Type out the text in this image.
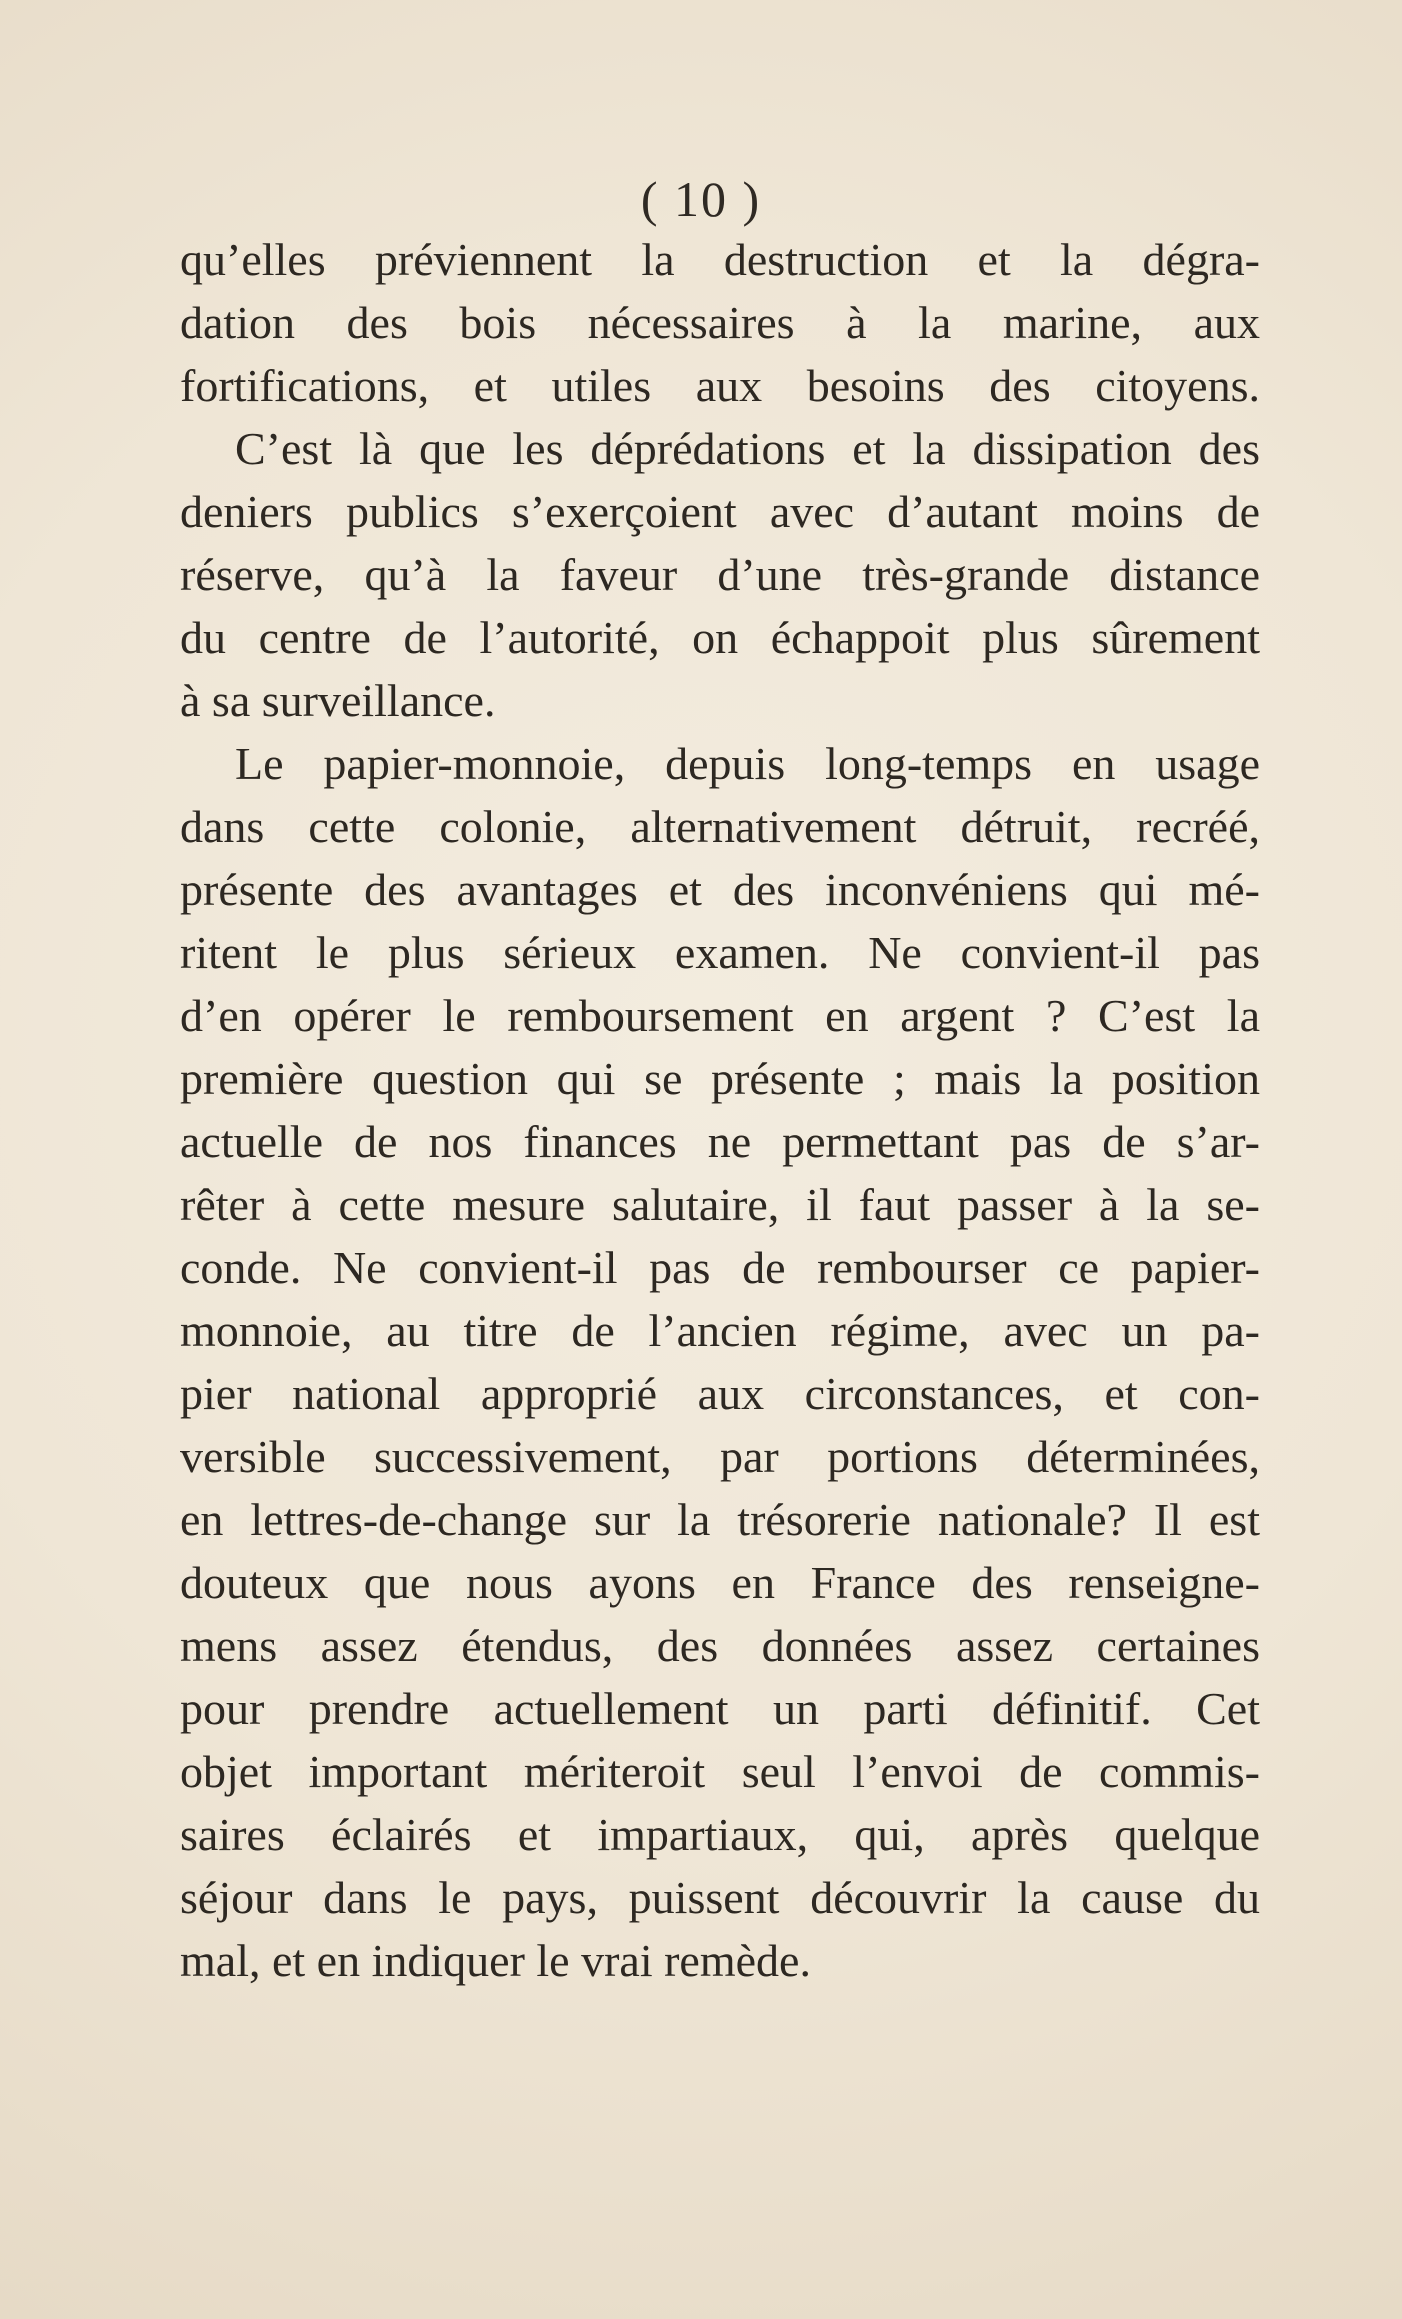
( 10 )
qu’elles préviennent la destruction et la dégra-
dation des bois nécessaires à la marine, aux
fortifications, et utiles aux besoins des citoyens.
C’est là que les déprédations et la dissipation des
deniers publics s’exerçoient avec d’autant moins de
réserve, qu’à la faveur d’une très-grande distance
du centre de l’autorité, on échappoit plus sûrement
à sa surveillance.
Le papier-monnoie, depuis long-temps en usage
dans cette colonie, alternativement détruit, recréé,
présente des avantages et des inconvéniens qui mé-
ritent le plus sérieux examen. Ne convient-il pas
d’en opérer le remboursement en argent ? C’est la
première question qui se présente ; mais la position
actuelle de nos finances ne permettant pas de s’ar-
rêter à cette mesure salutaire, il faut passer à la se-
conde. Ne convient-il pas de rembourser ce papier-
monnoie, au titre de l’ancien régime, avec un pa-
pier national approprié aux circonstances, et con-
versible successivement, par portions déterminées,
en lettres-de-change sur la trésorerie nationale? Il est
douteux que nous ayons en France des renseigne-
mens assez étendus, des données assez certaines
pour prendre actuellement un parti définitif. Cet
objet important mériteroit seul l’envoi de commis-
saires éclairés et impartiaux, qui, après quelque
séjour dans le pays, puissent découvrir la cause du
mal, et en indiquer le vrai remède.
